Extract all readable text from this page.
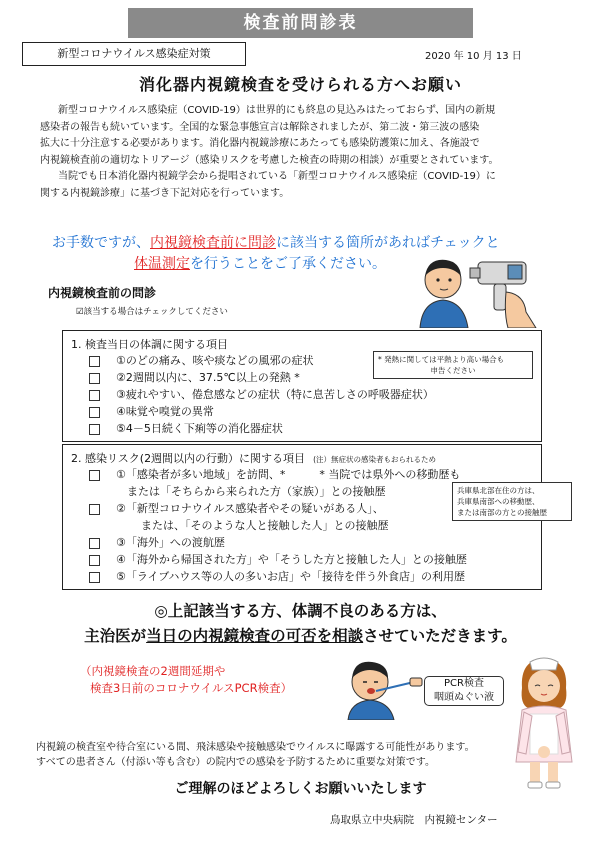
検査前問診表
新型コロナウイルス感染症対策	2020 年 10 月 13 日
消化器内視鏡検査を受けられる方へお願い
新型コロナウイルス感染症（COVID-19）は世界的にも終息の見込みはたっておらず、国内の新規
感染者の報告も続いています。全国的な緊急事態宣言は解除されましたが、第二波・第三波の感染
拡大に十分注意する必要があります。消化器内視鏡診療にあたっても感染防護策に加え、各施設で
内視鏡検査前の適切なトリアージ（感染リスクを考慮した検査の時期の相談）が重要とされています。
当院でも日本消化器内視鏡学会から提唱されている「新型コロナウイルス感染症（COVID-19）に
関する内視鏡診療」に基づき下記対応を行っています。
お手数ですが、内視鏡検査前に問診に該当する箇所があればチェックと
体温測定を行うことをご了承ください。
内視鏡検査前の問診
☑該当する場合はチェックしてください
1. 検査当日の体調に関する項目
①のどの痛み、咳や痰などの風邪の症状
②2週間以内に、37.5℃以上の発熱 *
③疲れやすい、倦怠感などの症状（特に息苦しさの呼吸器症状）
④味覚や嗅覚の異常
⑤4－5日続く下痢等の消化器症状
* 発熱に関しては平熱より高い場合も
申告ください
2. 感染リスク(2週間以内の行動）に関する項目 (注）無症状の感染者もおられるため
①「感染者が多い地域」を訪問、*	* 当院では県外への移動歴も
または「そちらから来られた方（家族）」との接触歴
②「新型コロナウイルス感染者やその疑いがある人」、
または、「そのような人と接触した人」との接触歴
③「海外」への渡航歴
④「海外から帰国された方」や「そうした方と接触した人」との接触歴
⑤「ライブハウス等の人の多いお店」や「接待を伴う外食店」の利用歴
兵庫県北部在住の方は、
兵庫県南部への移動歴、
または南部の方との接触歴
◎上記該当する方、体調不良のある方は、
主治医が当日の内視鏡検査の可否を相談させていただきます。
（内視鏡検査の2週間延期や
検査3日前のコロナウイルスPCR検査）	PCR検査
咽頭ぬぐい液
内視鏡の検査室や待合室にいる間、飛沫感染や接触感染でウイルスに曝露する可能性があります。
すべての患者さん（付添い等も含む）の院内での感染を予防するために重要な対策です。
ご理解のほどよろしくお願いいたします
鳥取県立中央病院　内視鏡センター
